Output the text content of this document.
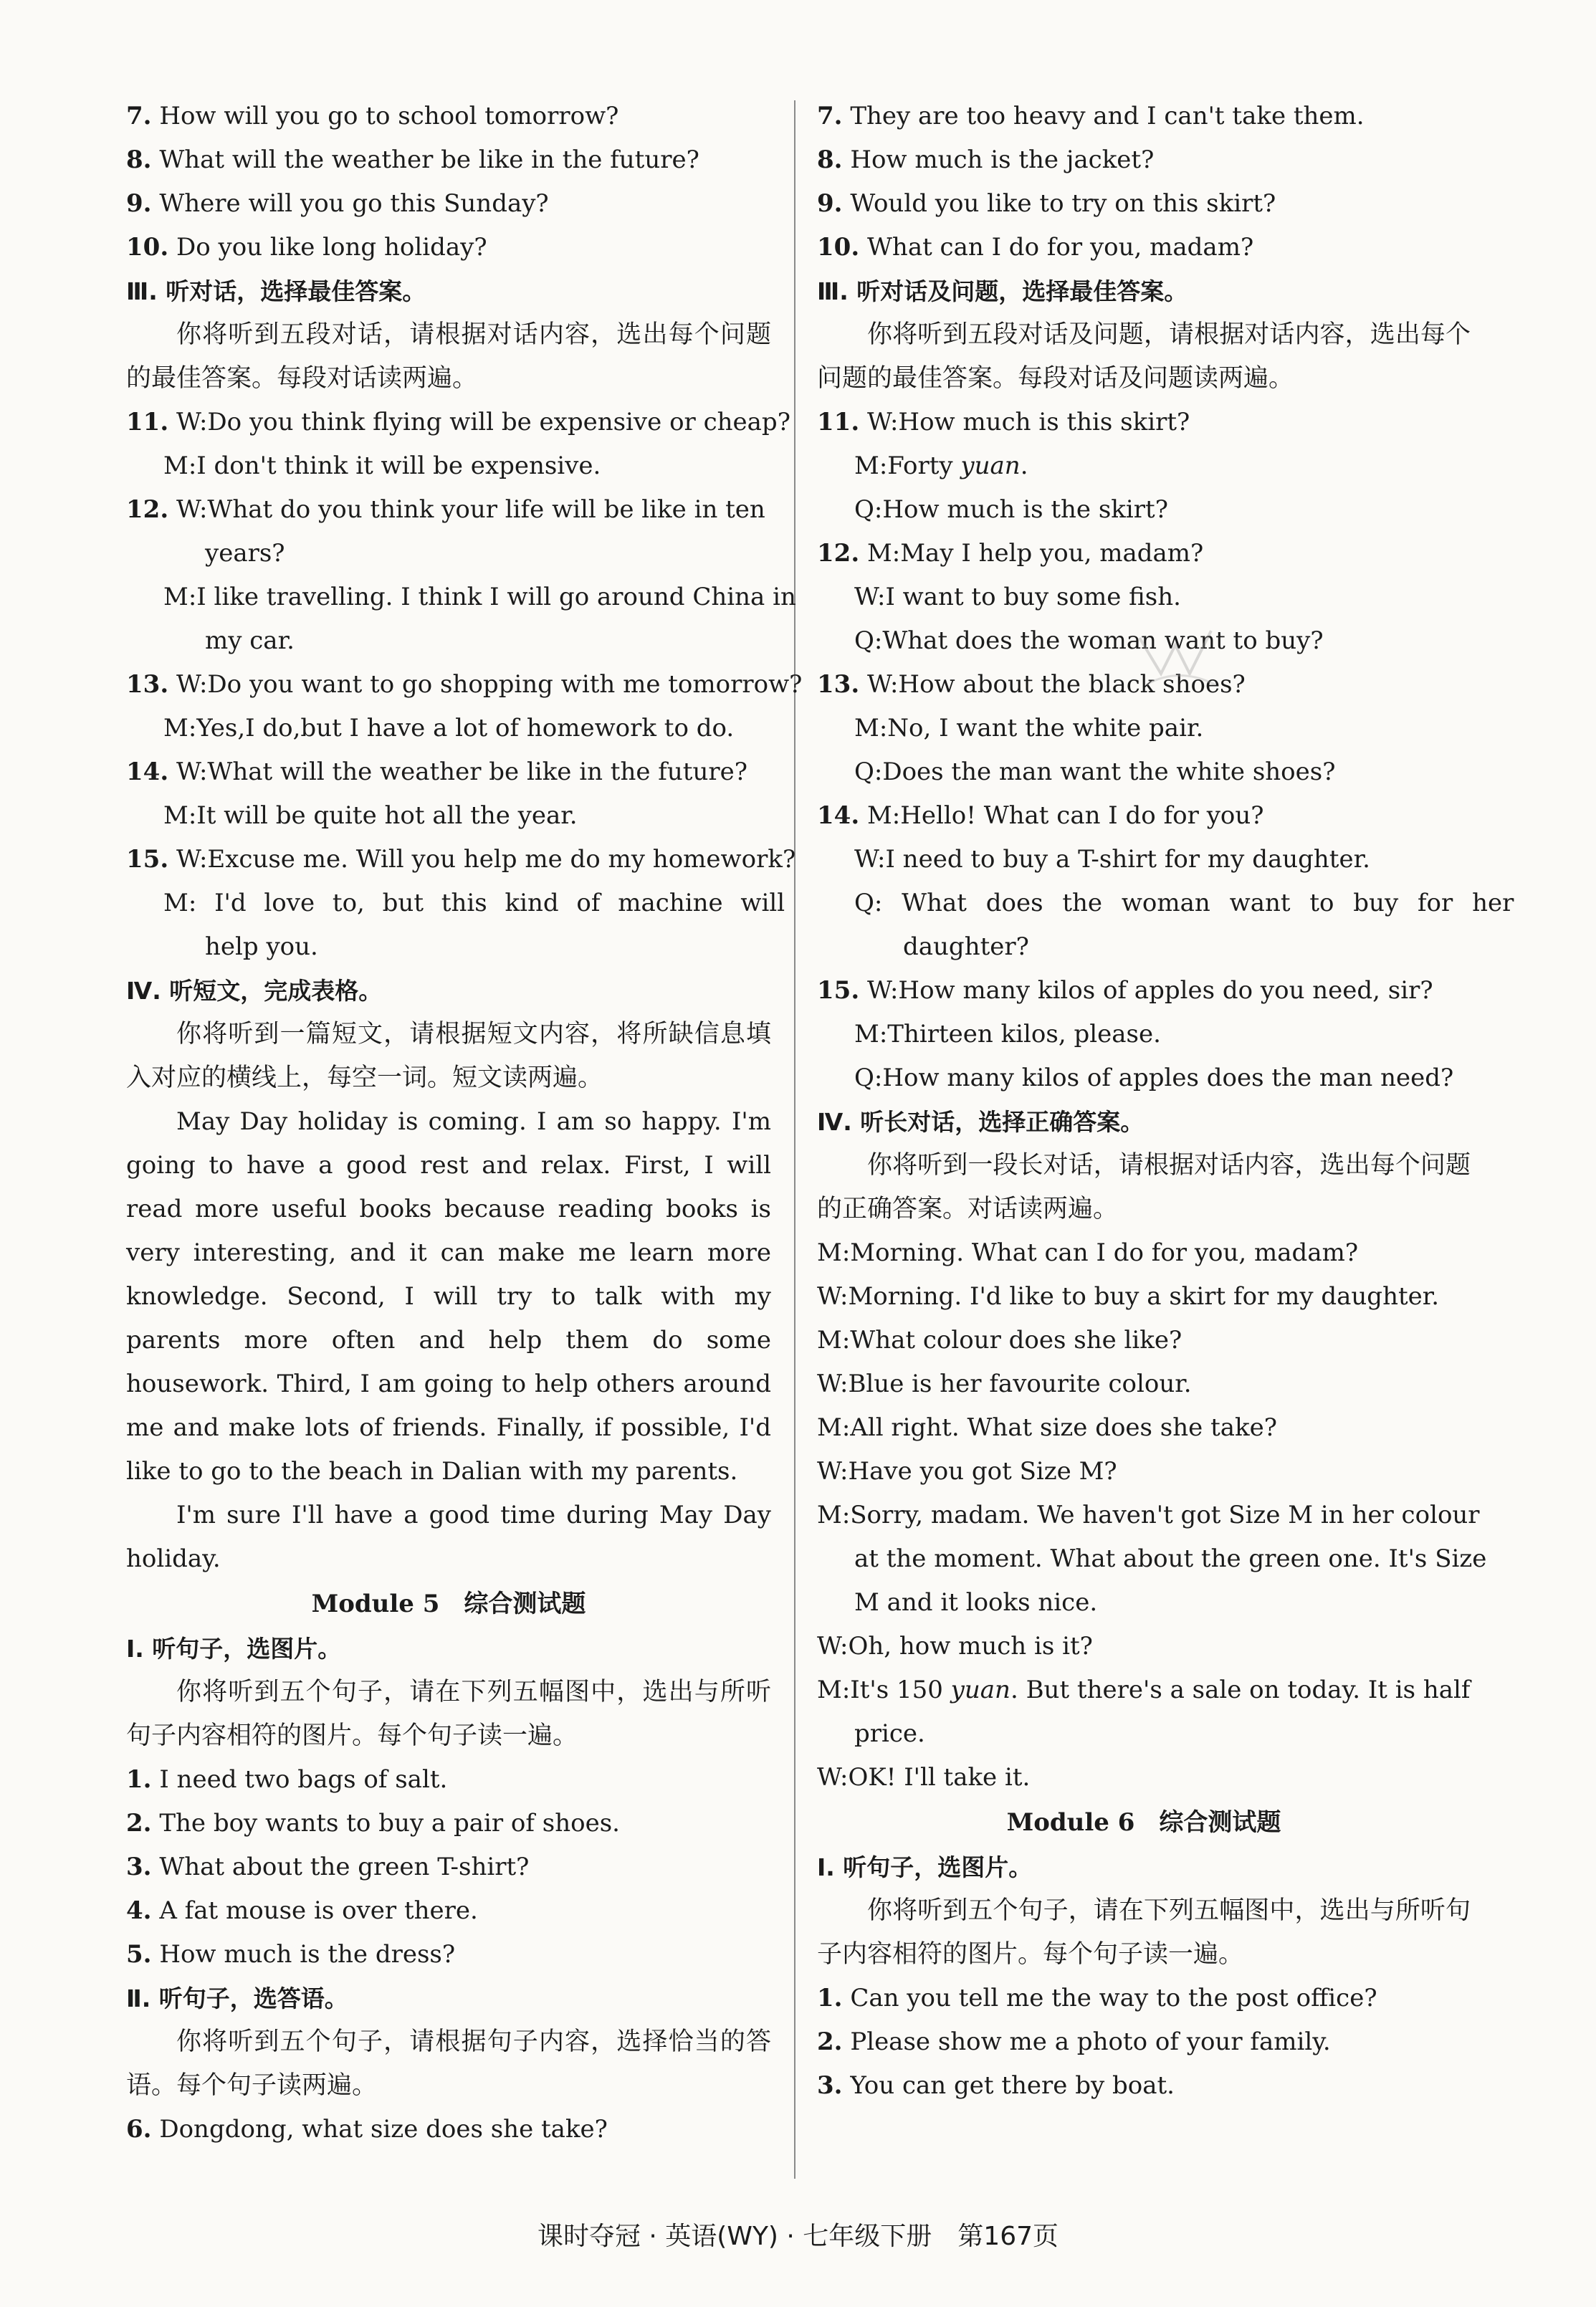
7. How will you go to school tomorrow?
8. What will the weather be like in the future?
9. Where will you go this Sunday?
10. Do you like long holiday?
Ⅲ. 听对话，选择最佳答案。
你将听到五段对话，请根据对话内容，选出每个问题的最佳答案。每段对话读两遍。
11. W:Do you think flying will be expensive or cheap?
M:I don't think it will be expensive.
12. W:What do you think your life will be like in ten
years?
M:I like travelling. I think I will go around China in
my car.
13. W:Do you want to go shopping with me tomorrow?
M:Yes,I do,but I have a lot of homework to do.
14. W:What will the weather be like in the future?
M:It will be quite hot all the year.
15. W:Excuse me. Will you help me do my homework?
M: I'd love to, but this kind of machine will
help you.
Ⅳ. 听短文，完成表格。
你将听到一篇短文，请根据短文内容，将所缺信息填入对应的横线上，每空一词。短文读两遍。
May Day holiday is coming. I am so happy. I'm going to have a good rest and relax. First, I will read more useful books because reading books is very interesting, and it can make me learn more knowledge. Second, I will try to talk with my parents more often and help them do some housework. Third, I am going to help others around me and make lots of friends. Finally, if possible, I'd like to go to the beach in Dalian with my parents.
I'm sure I'll have a good time during May Day holiday.
Module 5　综合测试题
Ⅰ. 听句子，选图片。
你将听到五个句子，请在下列五幅图中，选出与所听句子内容相符的图片。每个句子读一遍。
1. I need two bags of salt.
2. The boy wants to buy a pair of shoes.
3. What about the green T-shirt?
4. A fat mouse is over there.
5. How much is the dress?
Ⅱ. 听句子，选答语。
你将听到五个句子，请根据句子内容，选择恰当的答语。每个句子读两遍。
6. Dongdong, what size does she take?
7. They are too heavy and I can't take them.
8. How much is the jacket?
9. Would you like to try on this skirt?
10. What can I do for you, madam?
Ⅲ. 听对话及问题，选择最佳答案。
你将听到五段对话及问题，请根据对话内容，选出每个问题的最佳答案。每段对话及问题读两遍。
11. W:How much is this skirt?
M:Forty yuan.
Q:How much is the skirt?
12. M:May I help you, madam?
W:I want to buy some fish.
Q:What does the woman want to buy?
13. W:How about the black shoes?
M:No, I want the white pair.
Q:Does the man want the white shoes?
14. M:Hello! What can I do for you?
W:I need to buy a T-shirt for my daughter.
Q: What does the woman want to buy for her
daughter?
15. W:How many kilos of apples do you need, sir?
M:Thirteen kilos, please.
Q:How many kilos of apples does the man need?
Ⅳ. 听长对话，选择正确答案。
你将听到一段长对话，请根据对话内容，选出每个问题的正确答案。对话读两遍。
M:Morning. What can I do for you, madam?
W:Morning. I'd like to buy a skirt for my daughter.
M:What colour does she like?
W:Blue is her favourite colour.
M:All right. What size does she take?
W:Have you got Size M?
M:Sorry, madam. We haven't got Size M in her colour
at the moment. What about the green one. It's Size
M and it looks nice.
W:Oh, how much is it?
M:It's 150 yuan. But there's a sale on today. It is half
price.
W:OK! I'll take it.
Module 6　综合测试题
Ⅰ. 听句子，选图片。
你将听到五个句子，请在下列五幅图中，选出与所听句子内容相符的图片。每个句子读一遍。
1. Can you tell me the way to the post office?
2. Please show me a photo of your family.
3. You can get there by boat.
课时夺冠 · 英语(WY) · 七年级下册　第167页
